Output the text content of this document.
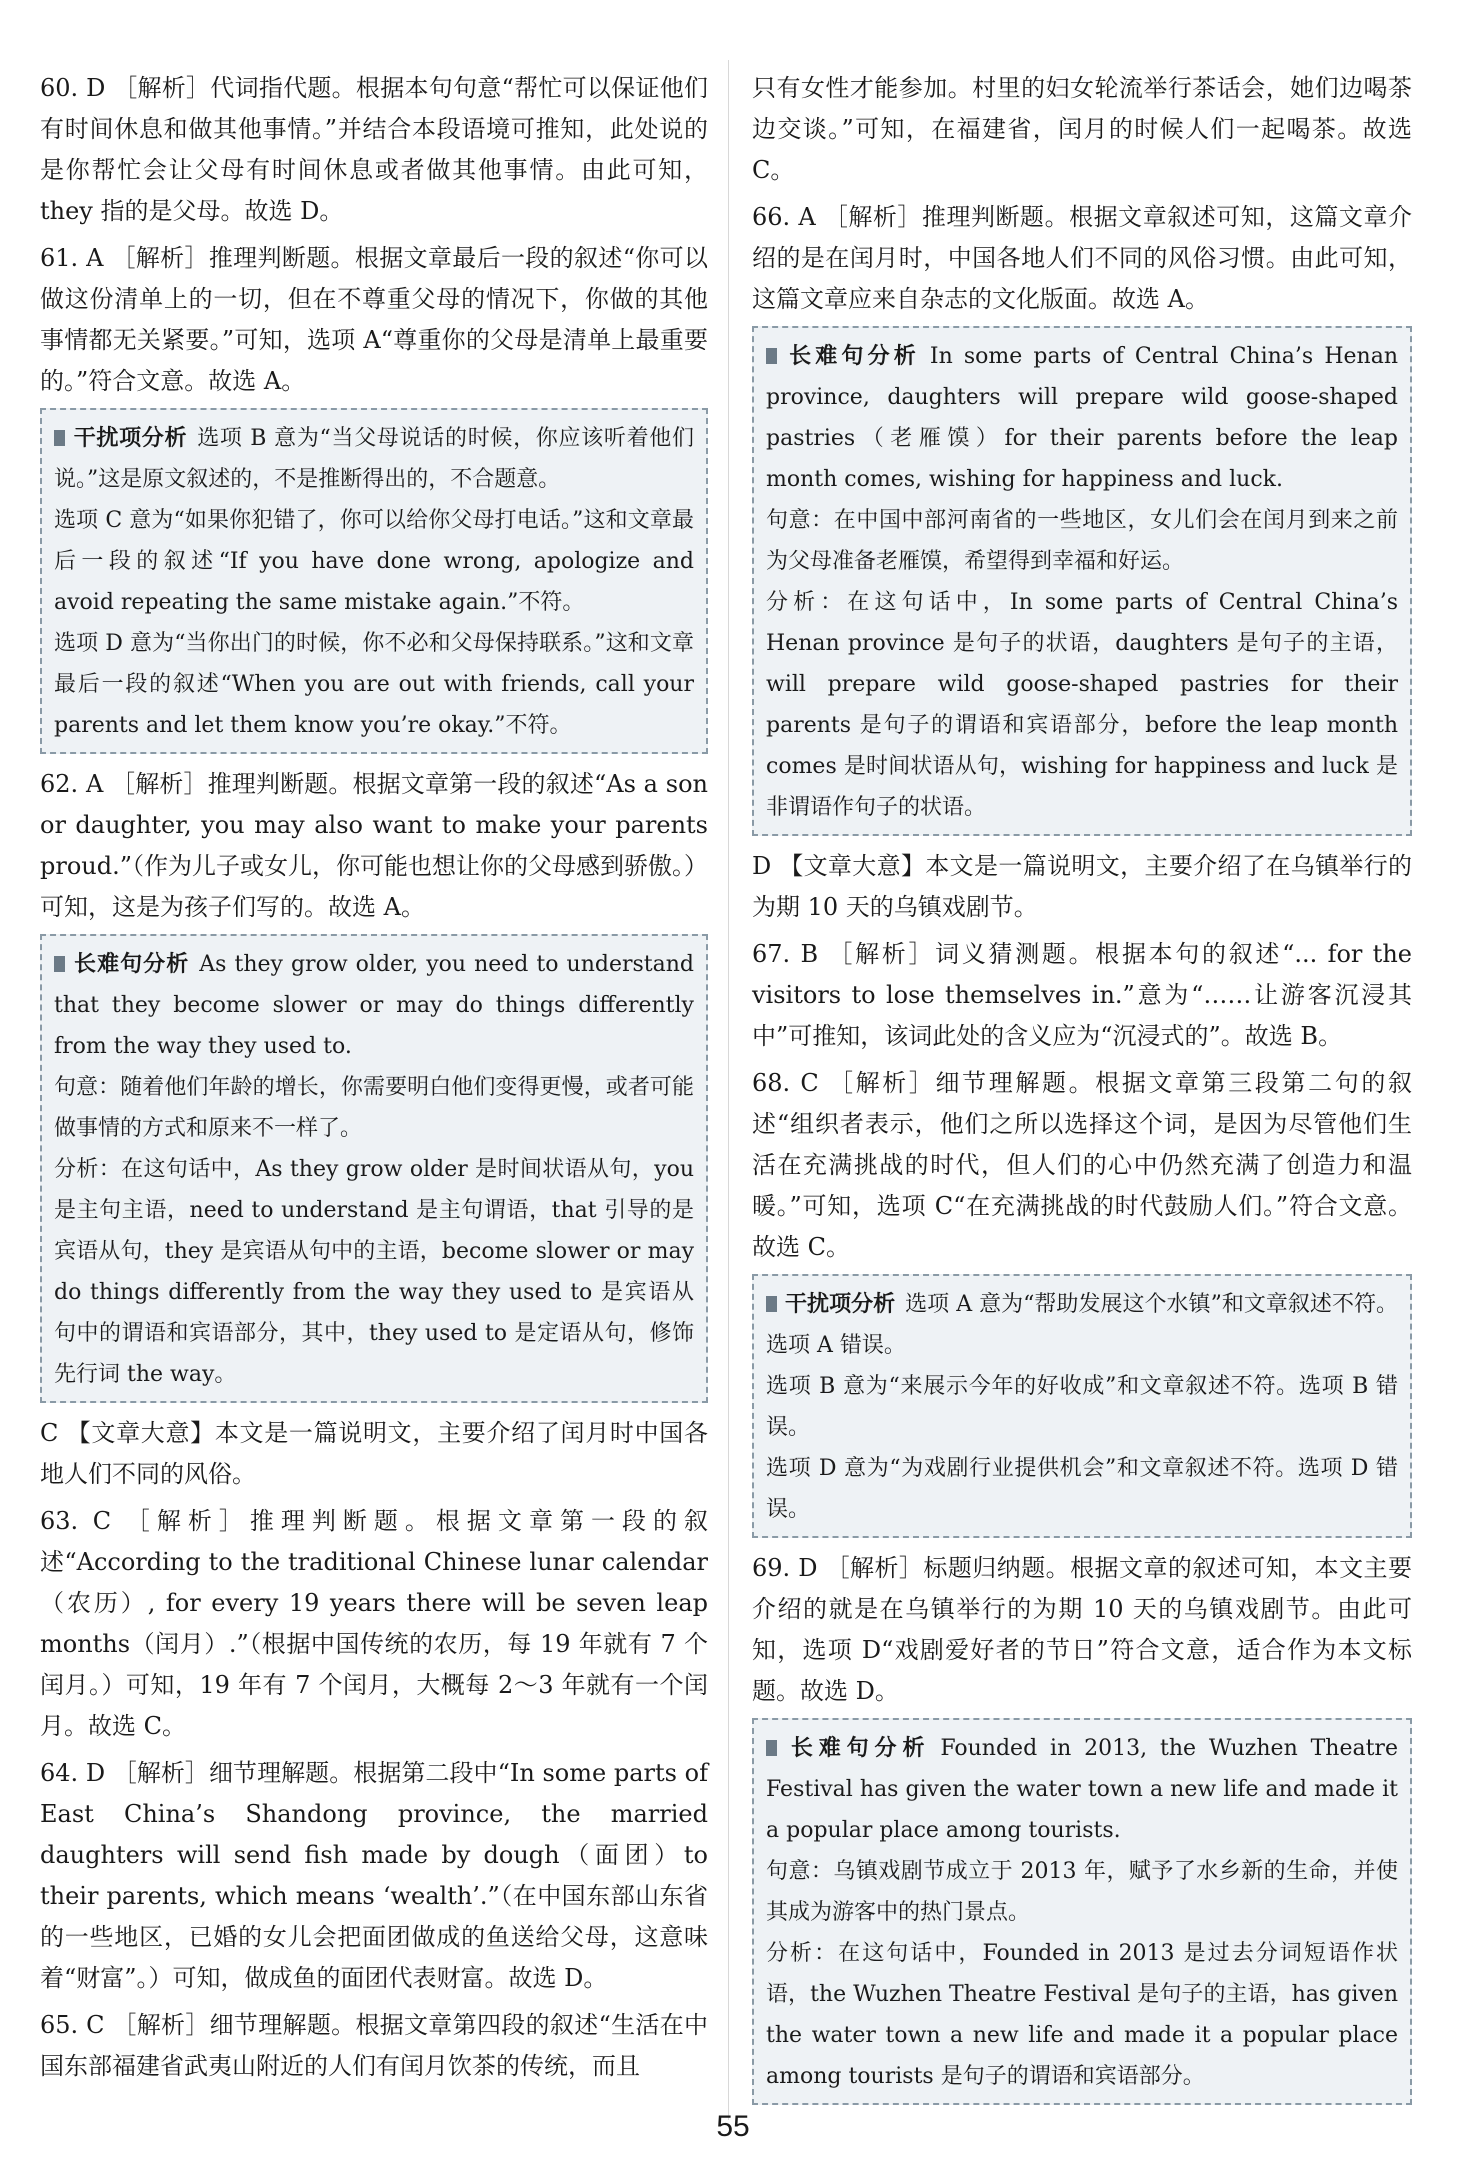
60. D ［解析］代词指代题。根据本句句意“帮忙可以保证他们有时间休息和做其他事情。”并结合本段语境可推知，此处说的是你帮忙会让父母有时间休息或者做其他事情。由此可知，they 指的是父母。故选 D。

61. A ［解析］推理判断题。根据文章最后一段的叙述“你可以做这份清单上的一切，但在不尊重父母的情况下，你做的其他事情都无关紧要。”可知，选项 A“尊重你的父母是清单上最重要的。”符合文意。故选 A。

干扰项分析 选项 B 意为“当父母说话的时候，你应该听着他们说。”这是原文叙述的，不是推断得出的，不合题意。

选项 C 意为“如果你犯错了，你可以给你父母打电话。”这和文章最后一段的叙述“If you have done wrong, apologize and avoid repeating the same mistake again.”不符。

选项 D 意为“当你出门的时候，你不必和父母保持联系。”这和文章最后一段的叙述“When you are out with friends, call your parents and let them know you’re okay.”不符。

62. A ［解析］推理判断题。根据文章第一段的叙述“As a son or daughter, you may also want to make your parents proud.”（作为儿子或女儿，你可能也想让你的父母感到骄傲。）可知，这是为孩子们写的。故选 A。

长难句分析 As they grow older, you need to understand that they become slower or may do things differently from the way they used to.

句意：随着他们年龄的增长，你需要明白他们变得更慢，或者可能做事情的方式和原来不一样了。

分析：在这句话中，As they grow older 是时间状语从句，you 是主句主语，need to understand 是主句谓语，that 引导的是宾语从句，they 是宾语从句中的主语，become slower or may do things differently from the way they used to 是宾语从句中的谓语和宾语部分，其中，they used to 是定语从句，修饰先行词 the way。

C 【文章大意】本文是一篇说明文，主要介绍了闰月时中国各地人们不同的风俗。

63. C ［解析］推理判断题。根据文章第一段的叙述“According to the traditional Chinese lunar calendar（农历）, for every 19 years there will be seven leap months（闰月）.”（根据中国传统的农历，每 19 年就有 7 个闰月。）可知，19 年有 7 个闰月，大概每 2～3 年就有一个闰月。故选 C。

64. D ［解析］细节理解题。根据第二段中“In some parts of East China’s Shandong province, the married daughters will send fish made by dough（面团）to their parents, which means ‘wealth’.”（在中国东部山东省的一些地区，已婚的女儿会把面团做成的鱼送给父母，这意味着“财富”。）可知，做成鱼的面团代表财富。故选 D。

65. C ［解析］细节理解题。根据文章第四段的叙述“生活在中国东部福建省武夷山附近的人们有闰月饮茶的传统，而且

只有女性才能参加。村里的妇女轮流举行茶话会，她们边喝茶边交谈。”可知，在福建省，闰月的时候人们一起喝茶。故选 C。

66. A ［解析］推理判断题。根据文章叙述可知，这篇文章介绍的是在闰月时，中国各地人们不同的风俗习惯。由此可知，这篇文章应来自杂志的文化版面。故选 A。

长难句分析 In some parts of Central China’s Henan province, daughters will prepare wild goose-shaped pastries（老雁馍）for their parents before the leap month comes, wishing for happiness and luck.

句意：在中国中部河南省的一些地区，女儿们会在闰月到来之前为父母准备老雁馍，希望得到幸福和好运。

分析：在这句话中，In some parts of Central China’s Henan province 是句子的状语，daughters 是句子的主语，will prepare wild goose-shaped pastries for their parents 是句子的谓语和宾语部分，before the leap month comes 是时间状语从句，wishing for happiness and luck 是非谓语作句子的状语。

D 【文章大意】本文是一篇说明文，主要介绍了在乌镇举行的为期 10 天的乌镇戏剧节。

67. B ［解析］词义猜测题。根据本句的叙述“... for the visitors to lose themselves in.”意为“……让游客沉浸其中”可推知，该词此处的含义应为“沉浸式的”。故选 B。

68. C ［解析］细节理解题。根据文章第三段第二句的叙述“组织者表示，他们之所以选择这个词，是因为尽管他们生活在充满挑战的时代，但人们的心中仍然充满了创造力和温暖。”可知，选项 C“在充满挑战的时代鼓励人们。”符合文意。故选 C。

干扰项分析 选项 A 意为“帮助发展这个水镇”和文章叙述不符。选项 A 错误。

选项 B 意为“来展示今年的好收成”和文章叙述不符。选项 B 错误。

选项 D 意为“为戏剧行业提供机会”和文章叙述不符。选项 D 错误。

69. D ［解析］标题归纳题。根据文章的叙述可知，本文主要介绍的就是在乌镇举行的为期 10 天的乌镇戏剧节。由此可知，选项 D“戏剧爱好者的节日”符合文意，适合作为本文标题。故选 D。

长难句分析 Founded in 2013, the Wuzhen Theatre Festival has given the water town a new life and made it a popular place among tourists.

句意：乌镇戏剧节成立于 2013 年，赋予了水乡新的生命，并使其成为游客中的热门景点。

分析：在这句话中，Founded in 2013 是过去分词短语作状语，the Wuzhen Theatre Festival 是句子的主语，has given the water town a new life and made it a popular place among tourists 是句子的谓语和宾语部分。

55
